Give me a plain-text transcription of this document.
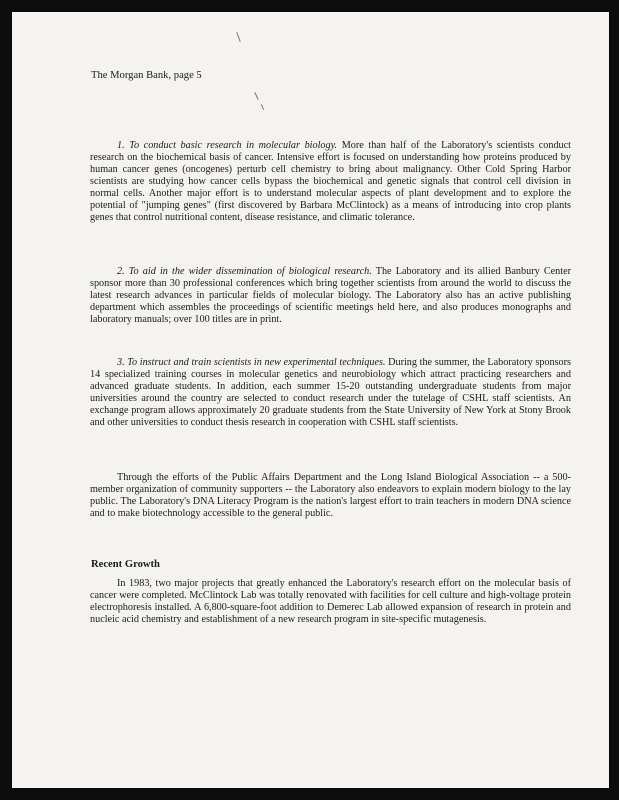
The Morgan Bank, page 5

1. To conduct basic research in molecular biology. More than half of the Laboratory's scientists conduct research on the biochemical basis of cancer. Intensive effort is focused on understanding how proteins produced by human cancer genes (oncogenes) perturb cell chemistry to bring about malignancy. Other Cold Spring Harbor scientists are studying how cancer cells bypass the biochemical and genetic signals that control cell division in normal cells. Another major effort is to understand molecular aspects of plant development and to explore the potential of "jumping genes" (first discovered by Barbara McClintock) as a means of introducing into crop plants genes that control nutritional content, disease resistance, and climatic tolerance.

2. To aid in the wider dissemination of biological research. The Laboratory and its allied Banbury Center sponsor more than 30 professional conferences which bring together scientists from around the world to discuss the latest research advances in particular fields of molecular biology. The Laboratory also has an active publishing department which assembles the proceedings of scientific meetings held here, and also produces monographs and laboratory manuals; over 100 titles are in print.

3. To instruct and train scientists in new experimental techniques. During the summer, the Laboratory sponsors 14 specialized training courses in molecular genetics and neurobiology which attract practicing researchers and advanced graduate students. In addition, each summer 15-20 outstanding undergraduate students from major universities around the country are selected to conduct research under the tutelage of CSHL staff scientists. An exchange program allows approximately 20 graduate students from the State University of New York at Stony Brook and other universities to conduct thesis research in cooperation with CSHL staff scientists.

Through the efforts of the Public Affairs Department and the Long Island Biological Association -- a 500-member organization of community supporters -- the Laboratory also endeavors to explain modern biology to the lay public. The Laboratory's DNA Literacy Program is the nation's largest effort to train teachers in modern DNA science and to make biotechnology accessible to the general public.

Recent Growth

In 1983, two major projects that greatly enhanced the Laboratory's research effort on the molecular basis of cancer were completed. McClintock Lab was totally renovated with facilities for cell culture and high-voltage protein electrophoresis installed. A 6,800-square-foot addition to Demerec Lab allowed expansion of research in protein and nucleic acid chemistry and establishment of a new research program in site-specific mutagenesis.
